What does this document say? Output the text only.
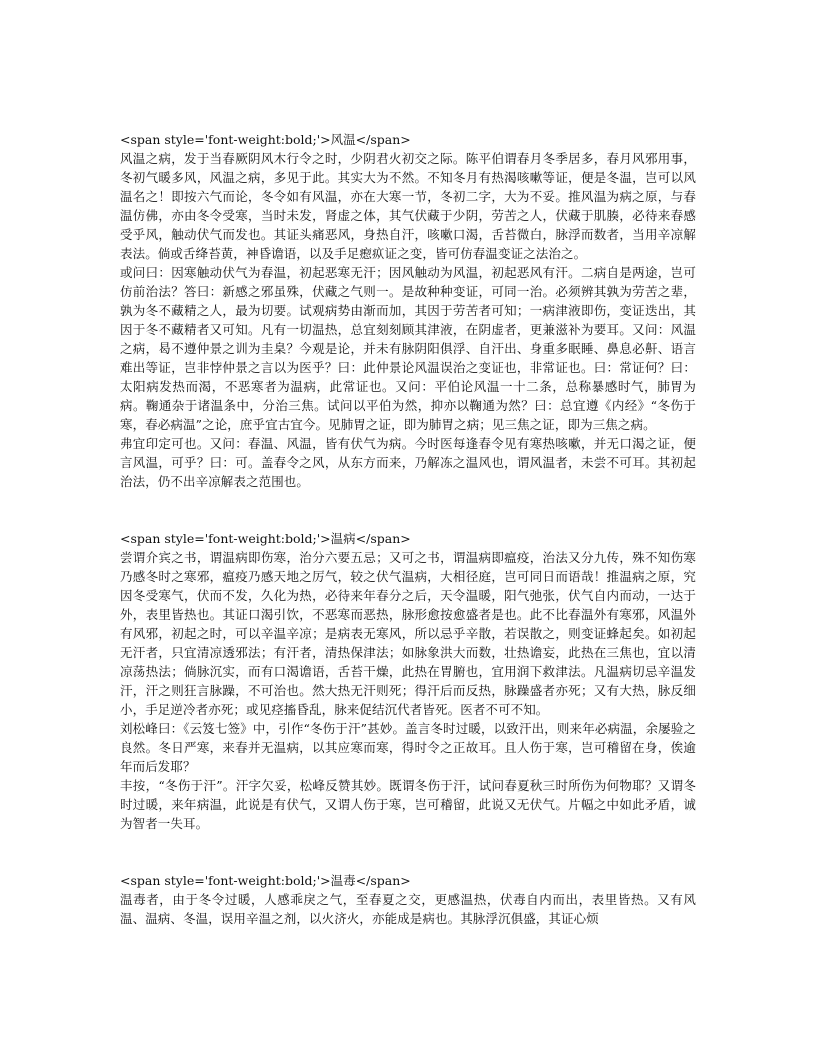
<span style='font-weight:bold;'>风温</span>

风温之病，发于当春厥阴风木行令之时，少阴君火初交之际。陈平伯谓春月冬季居多，春月风邪用事，冬初气暖多风，风温之病，多见于此。其实大为不然。不知冬月有热渴咳嗽等证，便是冬温，岂可以风温名之！即按六气而论，冬令如有风温，亦在大寒一节，冬初二字，大为不妥。推风温为病之原，与春温仿佛，亦由冬令受寒，当时未发，肾虚之体，其气伏藏于少阴，劳苦之人，伏藏于肌腠，必待来春感受乎风，触动伏气而发也。其证头痛恶风，身热自汗，咳嗽口渴，舌苔微白，脉浮而数者，当用辛凉解表法。倘或舌绛苔黄，神昏谵语，以及手足瘛疭证之变，皆可仿春温变证之法治之。

或问曰：因寒触动伏气为春温，初起恶寒无汗；因风触动为风温，初起恶风有汗。二病自是两途，岂可仿前治法？答曰：新感之邪虽殊，伏藏之气则一。是故种种变证，可同一治。必须辨其孰为劳苦之辈，孰为冬不藏精之人，最为切要。试观病势由渐而加，其因于劳苦者可知；一病津液即伤，变证迭出，其因于冬不藏精者又可知。凡有一切温热，总宜刻刻顾其津液，在阴虚者，更兼滋补为要耳。又问：风温之病，曷不遵仲景之训为圭臬？今观是论，并未有脉阴阳俱浮、自汗出、身重多眠睡、鼻息必鼾、语言难出等证，岂非悖仲景之言以为医乎？曰：此仲景论风温误治之变证也，非常证也。曰：常证何？曰：太阳病发热而渴，不恶寒者为温病，此常证也。又问：平伯论风温一十二条，总称暴感时气，肺胃为病。鞠通杂于诸温条中，分治三焦。试问以平伯为然，抑亦以鞠通为然？曰：总宜遵《内经》“冬伤于寒，春必病温”之论，庶乎宜古宜今。见肺胃之证，即为肺胃之病；见三焦之证，即为三焦之病。

弗宜印定可也。又问：春温、风温，皆有伏气为病。今时医每逢春令见有寒热咳嗽，并无口渴之证，便言风温，可乎？曰：可。盖春令之风，从东方而来，乃解冻之温风也，谓风温者，未尝不可耳。其初起治法，仍不出辛凉解表之范围也。

<span style='font-weight:bold;'>温病</span>

尝谓介宾之书，谓温病即伤寒，治分六要五忌；又可之书，谓温病即瘟疫，治法又分九传，殊不知伤寒乃感冬时之寒邪，瘟疫乃感天地之厉气，较之伏气温病，大相径庭，岂可同日而语哉！推温病之原，究因冬受寒气，伏而不发，久化为热，必待来年春分之后，天令温暖，阳气弛张，伏气自内而动，一达于外，表里皆热也。其证口渴引饮，不恶寒而恶热，脉形愈按愈盛者是也。此不比春温外有寒邪，风温外有风邪，初起之时，可以辛温辛凉；是病表无寒风，所以忌乎辛散，若误散之，则变证蜂起矣。如初起无汗者，只宜清凉透邪法；有汗者，清热保津法；如脉象洪大而数，壮热谵妄，此热在三焦也，宜以清凉荡热法；倘脉沉实，而有口渴谵语，舌苔干燥，此热在胃腑也，宜用润下救津法。凡温病切忌辛温发汗，汗之则狂言脉躁，不可治也。然大热无汗则死；得汗后而反热，脉躁盛者亦死；又有大热，脉反细小，手足逆冷者亦死；或见痉搐昏乱，脉来促结沉代者皆死。医者不可不知。

刘松峰曰：《云笈七签》中，引作“冬伤于汗”甚妙。盖言冬时过暖，以致汗出，则来年必病温，余屡验之良然。冬日严寒，来春并无温病，以其应寒而寒，得时令之正故耳。且人伤于寒，岂可稽留在身，俟逾年而后发耶？

丰按，“冬伤于汗”。汗字欠妥，松峰反赞其妙。既谓冬伤于汗，试问春夏秋三时所伤为何物耶？又谓冬时过暖，来年病温，此说是有伏气，又谓人伤于寒，岂可稽留，此说又无伏气。片幅之中如此矛盾，诚为智者一失耳。

<span style='font-weight:bold;'>温毒</span>

温毒者，由于冬令过暖，人感乖戾之气，至春夏之交，更感温热，伏毒自内而出，表里皆热。又有风温、温病、冬温，误用辛温之剂，以火济火，亦能成是病也。其脉浮沉俱盛，其证心烦
